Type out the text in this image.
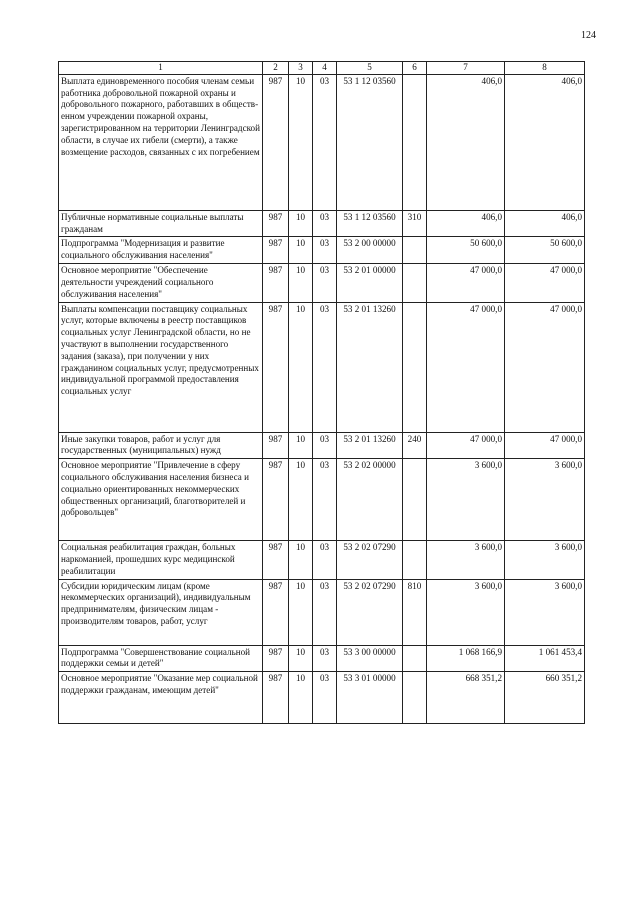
124
1	2	3	4	5	6	7	8
Выплата единовременного пособия членам семьи работника добровольной пожарной охраны и добровольного пожарного, работавших в общественном учреждении пожарной охраны, зарегистрированном на территории Ленинградской области, в случае их гибели (смерти), а также возмещение расходов, связанных с их погребением	987	10	03	53 1 12 03560		406,0	406,0
Публичные нормативные социальные выплаты гражданам	987	10	03	53 1 12 03560	310	406,0	406,0
Подпрограмма "Модернизация и развитие социального обслуживания населения"	987	10	03	53 2 00 00000		50 600,0	50 600,0
Основное мероприятие "Обеспечение деятельности учреждений социального обслуживания населения"	987	10	03	53 2 01 00000		47 000,0	47 000,0
Выплаты компенсации поставщику социальных услуг, которые включены в реестр поставщиков социальных услуг Ленинградской области, но не участвуют в выполнении государственного задания (заказа), при получении у них гражданином социальных услуг, предусмотренных индивидуальной программой предоставления социальных услуг	987	10	03	53 2 01 13260		47 000,0	47 000,0
Иные закупки товаров, работ и услуг для государственных (муниципальных) нужд	987	10	03	53 2 01 13260	240	47 000,0	47 000,0
Основное мероприятие "Привлечение в сферу социального обслуживания населения бизнеса и социально ориентированных некоммерческих общественных организаций, благотворителей и добровольцев"	987	10	03	53 2 02 00000		3 600,0	3 600,0
Социальная реабилитация граждан, больных наркоманией, прошедших курс медицинской реабилитации	987	10	03	53 2 02 07290		3 600,0	3 600,0
Субсидии юридическим лицам (кроме некоммерческих организаций), индивидуальным предпринимателям, физическим лицам - производителям товаров, работ, услуг	987	10	03	53 2 02 07290	810	3 600,0	3 600,0
Подпрограмма "Совершенствование социальной поддержки семьи и детей"	987	10	03	53 3 00 00000		1 068 166,9	1 061 453,4
Основное мероприятие "Оказание мер социальной поддержки гражданам, имеющим детей"	987	10	03	53 3 01 00000		668 351,2	660 351,2
